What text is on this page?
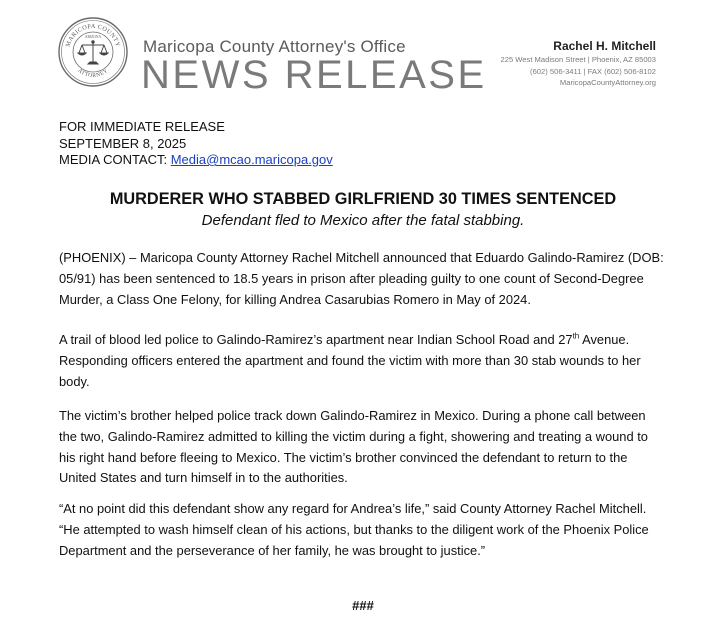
MARICOPA COUNTY
ATTORNEY
ARIZONA Maricopa County Attorney's Office
NEWS RELEASE
Rachel H. Mitchell
225 West Madison Street | Phoenix, AZ 85003
(602) 506-3411 | FAX (602) 506-8102
MaricopaCountyAttorney.org
FOR IMMEDIATE RELEASE
SEPTEMBER 8, 2025
MEDIA CONTACT: Media@mcao.maricopa.gov
MURDERER WHO STABBED GIRLFRIEND 30 TIMES SENTENCED
Defendant fled to Mexico after the fatal stabbing.

(PHOENIX) – Maricopa County Attorney Rachel Mitchell announced that Eduardo Galindo-Ramirez (DOB: 05/91) has been sentenced to 18.5 years in prison after pleading guilty to one count of Second-Degree Murder, a Class One Felony, for killing Andrea Casarubias Romero in May of 2024.

A trail of blood led police to Galindo-Ramirez’s apartment near Indian School Road and 27th Avenue. Responding officers entered the apartment and found the victim with more than 30 stab wounds to her body.

The victim’s brother helped police track down Galindo-Ramirez in Mexico. During a phone call between the two, Galindo-Ramirez admitted to killing the victim during a fight, showering and treating a wound to his right hand before fleeing to Mexico. The victim’s brother convinced the defendant to return to the United States and turn himself in to the authorities.

“At no point did this defendant show any regard for Andrea’s life,” said County Attorney Rachel Mitchell. “He attempted to wash himself clean of his actions, but thanks to the diligent work of the Phoenix Police Department and the perseverance of her family, he was brought to justice.”

###
